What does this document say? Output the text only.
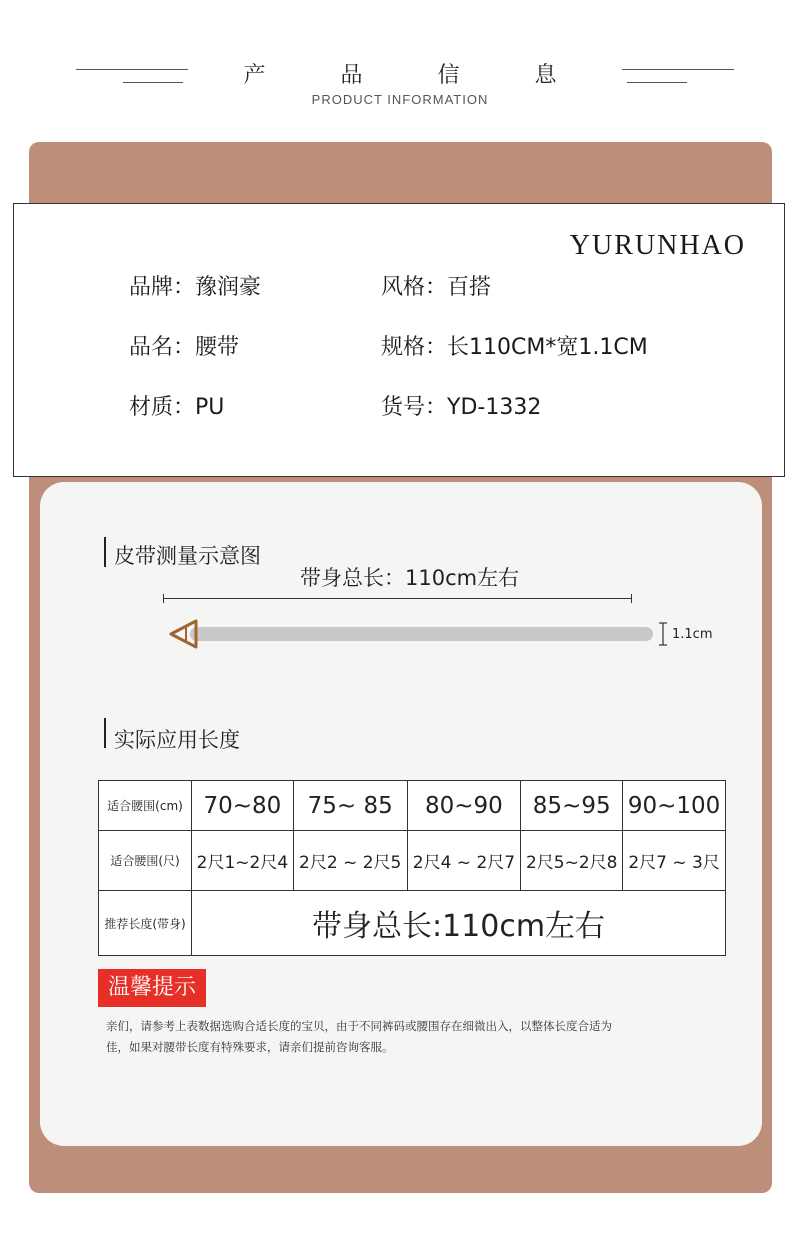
产 品 信 息
PRODUCT INFORMATION
YURUNHAO
品牌：豫润豪	风格：百搭
品名：腰带	规格：长110CM*宽1.1CM
材质：PU	货号：YD-1332
皮带测量示意图
带身总长：110cm左右
1.1cm
实际应用长度
适合腰围(cm)	70~80	75~ 85	80~90	85~95	90~100
适合腰围(尺)	2尺1~2尺4	2尺2 ~ 2尺5	2尺4 ~ 2尺7	2尺5~2尺8	2尺7 ~ 3尺
推荐长度(带身)	带身总长:110cm左右				
温馨提示
亲们，请参考上表数据选购合适长度的宝贝，由于不同裤码或腰围存在细微出入，以整体长度合适为
佳，如果对腰带长度有特殊要求，请亲们提前咨询客服。
